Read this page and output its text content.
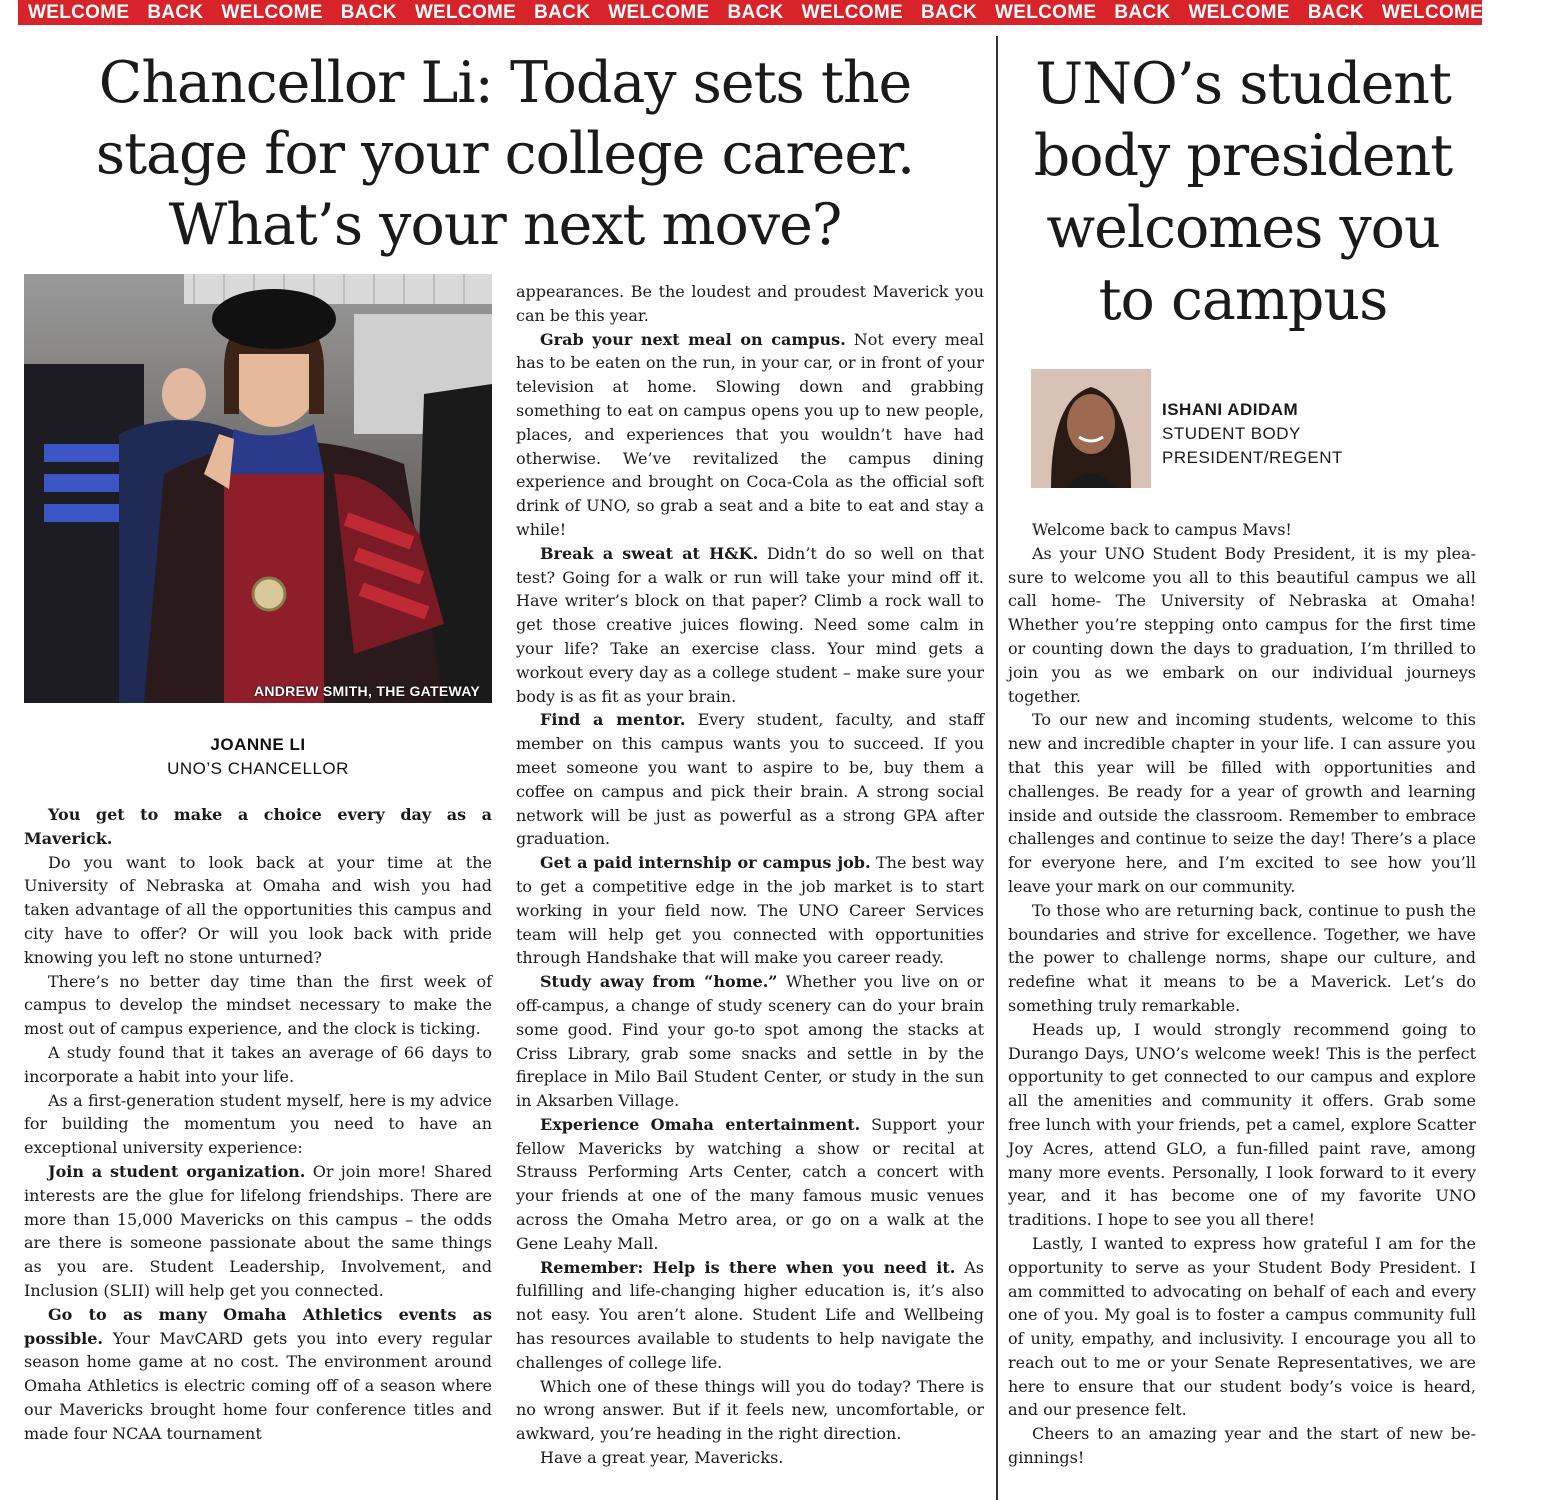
WELCOME BACK WELCOME BACK WELCOME BACK WELCOME BACK WELCOME BACK WELCOME BACK WELCOME BACK WELCOME BACK
Chancellor Li: Today sets the
stage for your college career.
What’s your next move?
UNO’s student
body president
welcomes you
to campus
ANDREW SMITH, THE GATEWAY
JOANNE LI
UNO’S CHANCELLOR

You get to make a choice every day as a Maverick.

Do you want to look back at your time at the University of Nebraska at Omaha and wish you had taken advantage of all the opportunities this campus and city have to offer? Or will you look back with pride knowing you left no stone unturned?

There’s no better day time than the first week of campus to develop the mindset necessary to make the most out of campus experience, and the clock is ticking.

A study found that it takes an average of 66 days to incorporate a habit into your life.

As a first-generation student myself, here is my advice for building the momentum you need to have an exceptional university experience:

Join a student organization. Or join more! Shared interests are the glue for lifelong friendships. There are more than 15,000 Mavericks on this campus – the odds are there is someone passionate about the same things as you are. Student Leadership, Involvement, and Inclusion (SLII) will help get you connected.

Go to as many Omaha Athletics events as possible. Your MavCARD gets you into every regular season home game at no cost. The environment around Omaha Athletics is electric coming off of a season where our Mavericks brought home four conference titles and made four NCAA tournament

appearances. Be the loudest and proudest Maverick you can be this year.

Grab your next meal on campus. Not every meal has to be eaten on the run, in your car, or in front of your television at home. Slowing down and grabbing something to eat on campus opens you up to new people, places, and experiences that you wouldn’t have had otherwise. We’ve revitalized the campus dining experience and brought on Coca-Cola as the official soft drink of UNO, so grab a seat and a bite to eat and stay a while!

Break a sweat at H&K. Didn’t do so well on that test? Going for a walk or run will take your mind off it. Have writer’s block on that paper? Climb a rock wall to get those creative juices flowing. Need some calm in your life? Take an exercise class. Your mind gets a workout every day as a college student – make sure your body is as fit as your brain.

Find a mentor. Every student, faculty, and staff member on this campus wants you to succeed. If you meet someone you want to aspire to be, buy them a coffee on campus and pick their brain. A strong social network will be just as powerful as a strong GPA after graduation.

Get a paid internship or campus job. The best way to get a competitive edge in the job market is to start working in your field now. The UNO Career Services team will help get you connected with opportunities through Handshake that will make you career ready.

Study away from “home.” Whether you live on or off-campus, a change of study scenery can do your brain some good. Find your go-to spot among the stacks at Criss Library, grab some snacks and settle in by the fireplace in Milo Bail Student Center, or study in the sun in Aksarben Village.

Experience Omaha entertainment. Support your fellow Mavericks by watching a show or recital at Strauss Performing Arts Center, catch a concert with your friends at one of the many famous music venues across the Omaha Metro area, or go on a walk at the Gene Leahy Mall.

Remember: Help is there when you need it. As fulfilling and life-changing higher education is, it’s also not easy. You aren’t alone. Student Life and Wellbeing has resources available to students to help navigate the challenges of college life.

Which one of these things will you do today? There is no wrong answer. But if it feels new, uncomfortable, or awkward, you’re heading in the right direction.

Have a great year, Mavericks.

ISHANI ADIDAM
STUDENT BODY PRESIDENT/REGENT

Welcome back to campus Mavs!

As your UNO Student Body President, it is my pleasure to welcome you all to this beautiful campus we all call home- The University of Nebraska at Omaha! Whether you’re stepping onto campus for the first time or counting down the days to graduation, I’m thrilled to join you as we embark on our individual journeys together.

To our new and incoming students, welcome to this new and incredible chapter in your life. I can assure you that this year will be filled with opportunities and challenges. Be ready for a year of growth and learning inside and outside the classroom. Remember to embrace challenges and continue to seize the day! There’s a place for everyone here, and I’m excited to see how you’ll leave your mark on our community.

To those who are returning back, continue to push the boundaries and strive for excellence. Together, we have the power to challenge norms, shape our culture, and redefine what it means to be a Maverick. Let’s do something truly remarkable.

Heads up, I would strongly recommend going to Durango Days, UNO’s welcome week! This is the perfect opportunity to get connected to our campus and explore all the amenities and community it offers. Grab some free lunch with your friends, pet a camel, explore Scatter Joy Acres, attend GLO, a fun-filled paint rave, among many more events. Personally, I look forward to it every year, and it has become one of my favorite UNO traditions. I hope to see you all there!

Lastly, I wanted to express how grateful I am for the opportunity to serve as your Student Body President. I am committed to advocating on behalf of each and every one of you. My goal is to foster a campus community full of unity, empathy, and inclusivity. I encourage you all to reach out to me or your Senate Representatives, we are here to ensure that our student body’s voice is heard, and our presence felt.

Cheers to an amazing year and the start of new beginnings!
